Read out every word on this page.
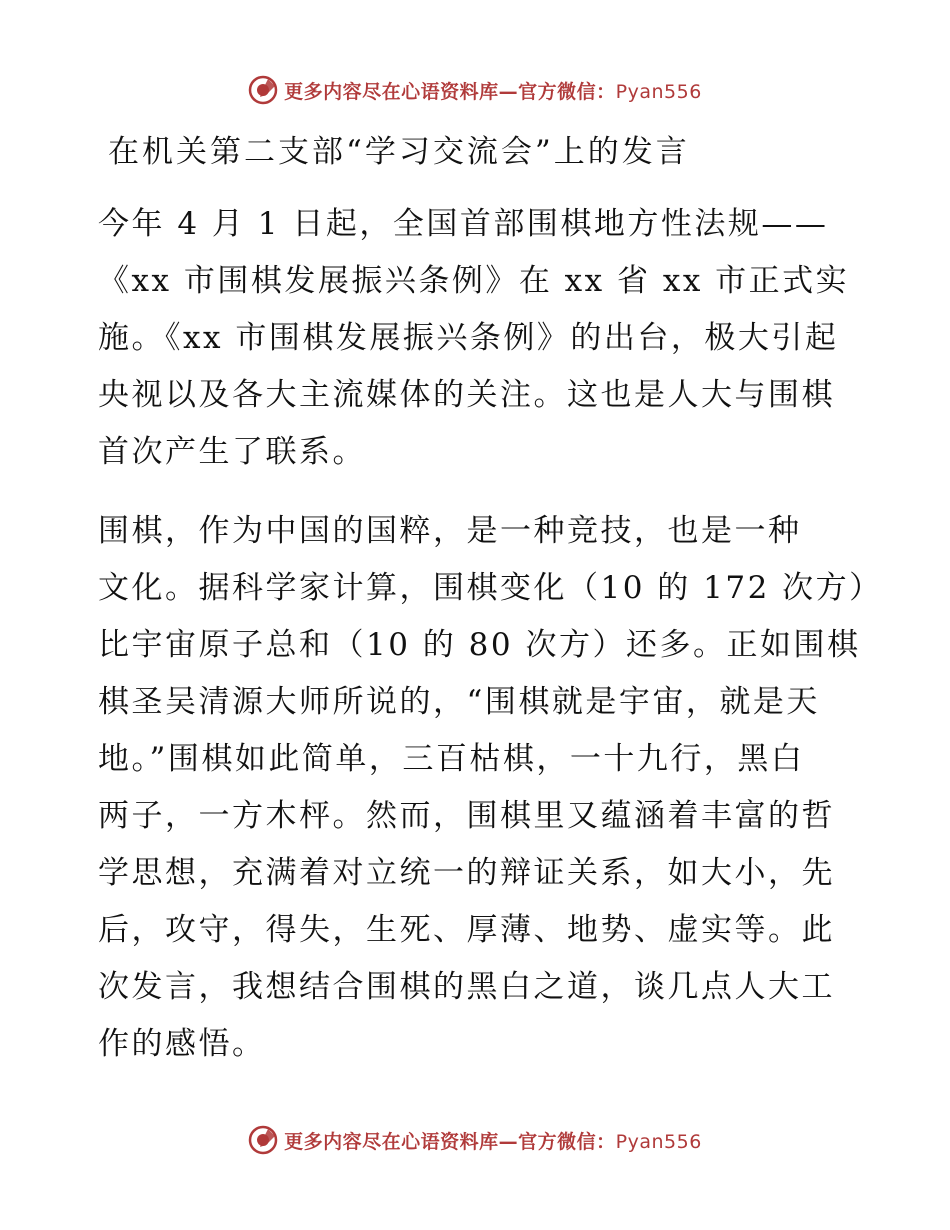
更多内容尽在心语资料库—官方微信：Pyan556
在机关第二支部“学习交流会”上的发言
今年 4 月 1 日起，全国首部围棋地方性法规——
《xx 市围棋发展振兴条例》在 xx 省 xx 市正式实
施。《xx 市围棋发展振兴条例》的出台，极大引起
央视以及各大主流媒体的关注。这也是人大与围棋
首次产生了联系。
围棋，作为中国的国粹，是一种竞技，也是一种
文化。据科学家计算，围棋变化（10 的 172 次方）
比宇宙原子总和（10 的 80 次方）还多。正如围棋
棋圣吴清源大师所说的，“围棋就是宇宙，就是天
地。”围棋如此简单，三百枯棋，一十九行，黑白
两子，一方木枰。然而，围棋里又蕴涵着丰富的哲
学思想，充满着对立统一的辩证关系，如大小，先
后，攻守，得失，生死、厚薄、地势、虚实等。此
次发言，我想结合围棋的黑白之道，谈几点人大工
作的感悟。
更多内容尽在心语资料库—官方微信：Pyan556
